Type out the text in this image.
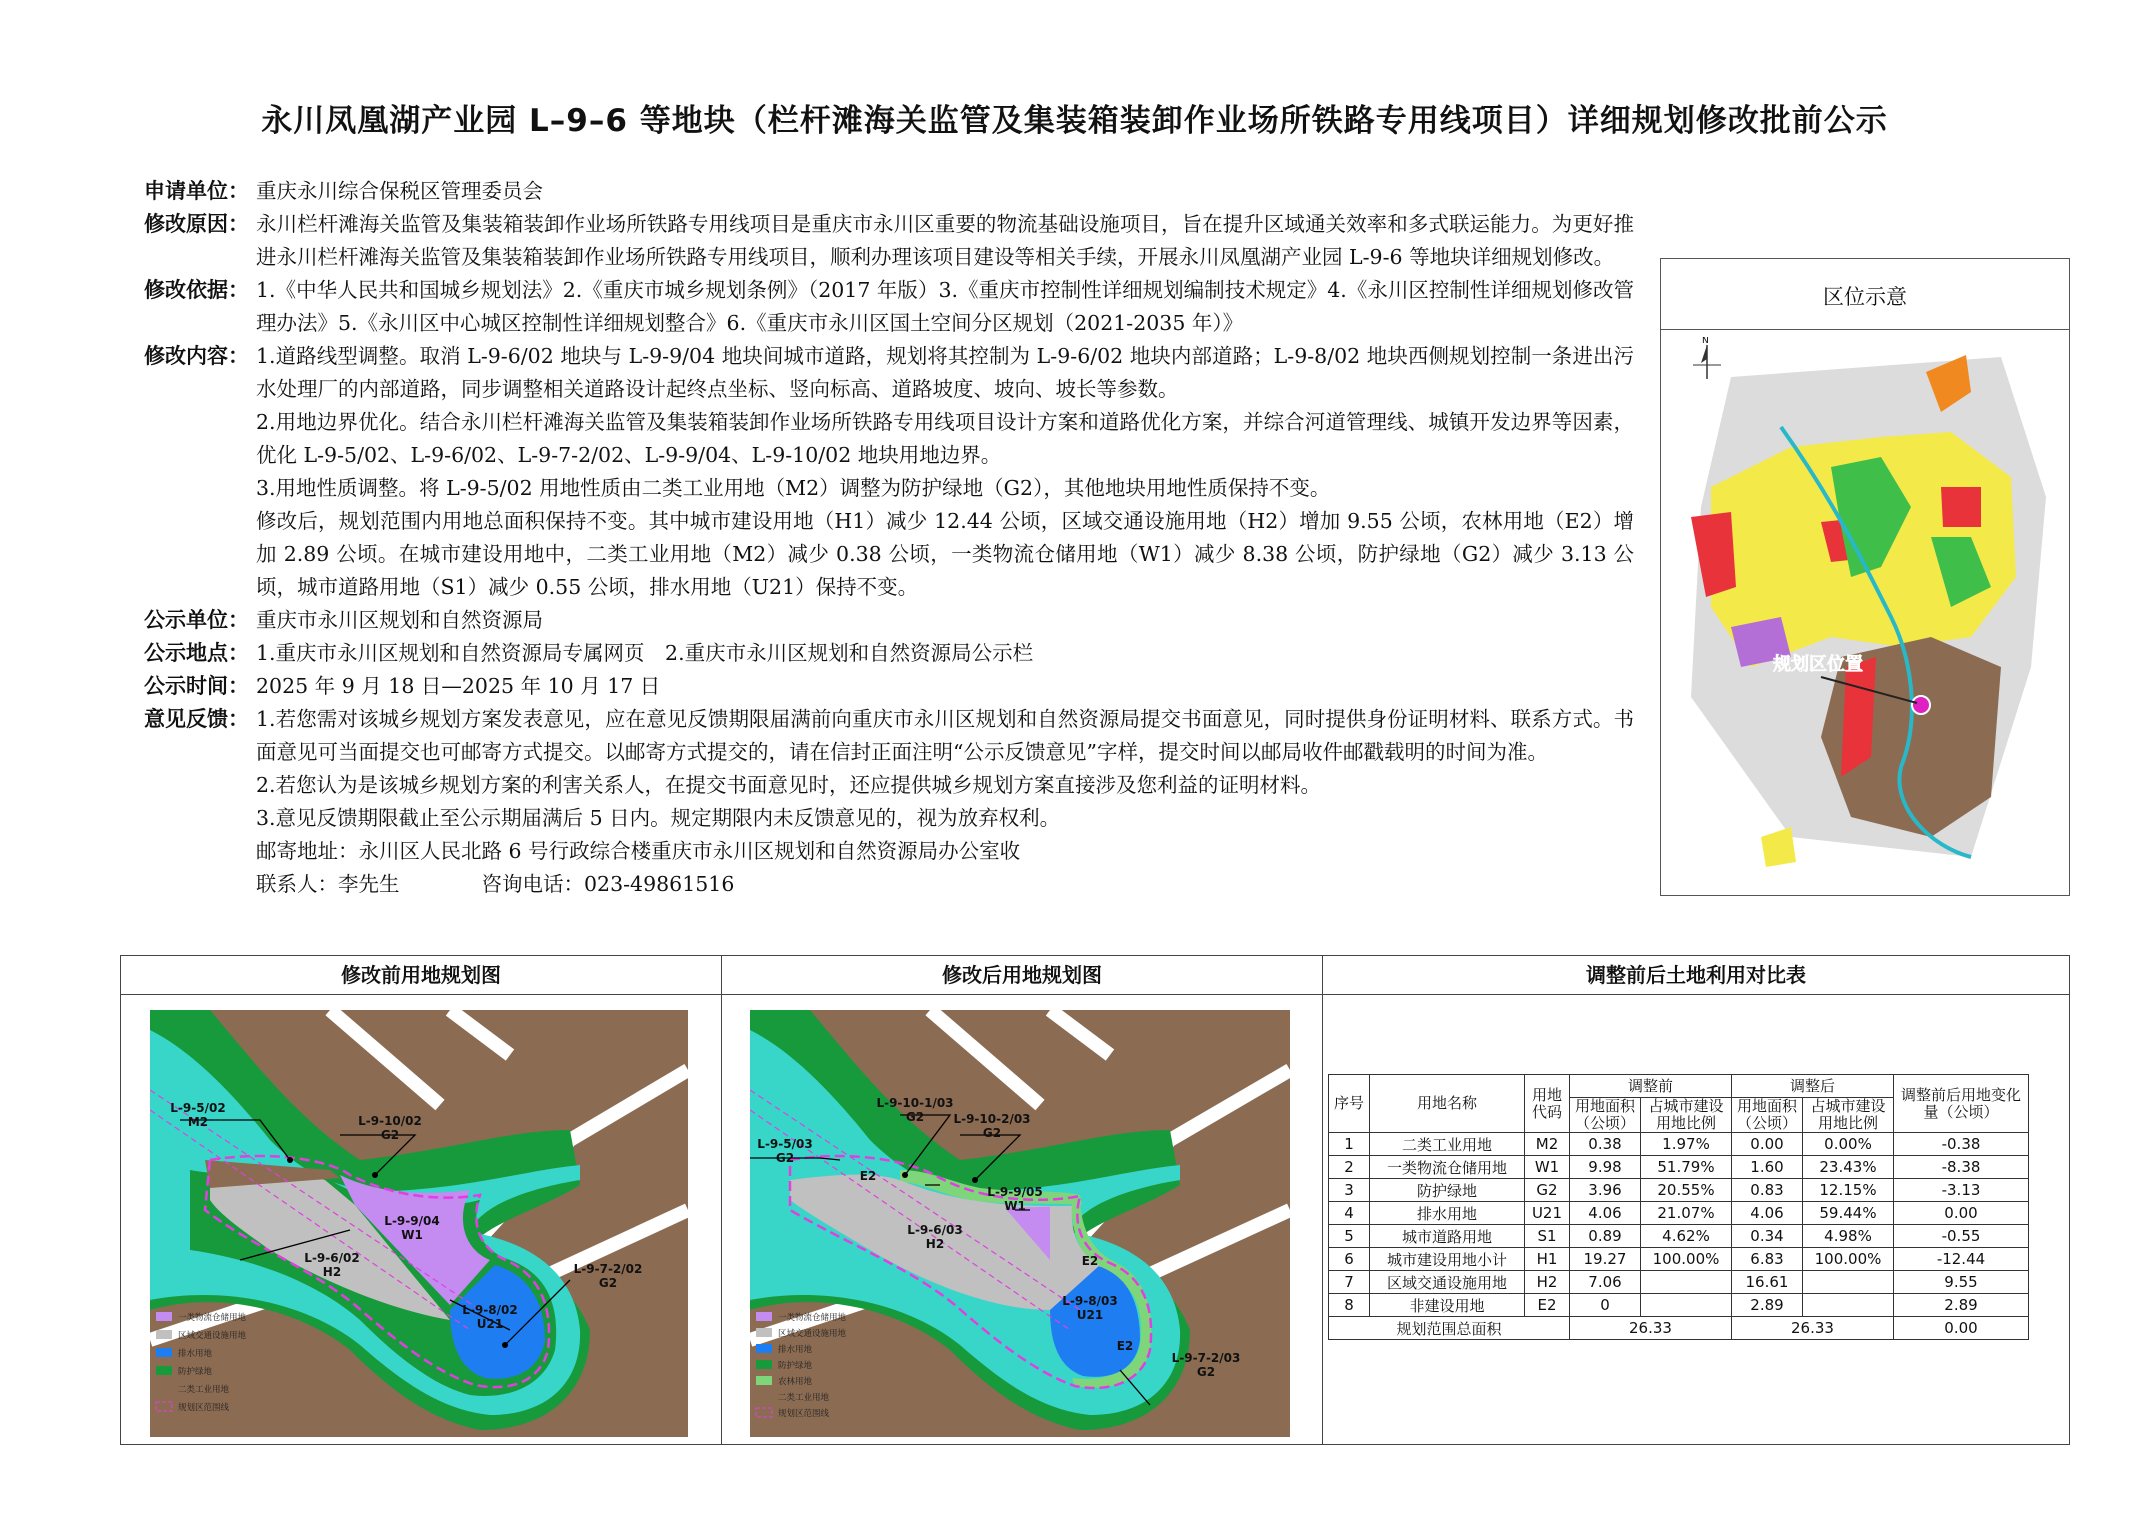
永川凤凰湖产业园 L–9–6 等地块（栏杆滩海关监管及集装箱装卸作业场所铁路专用线项目）详细规划修改批前公示
申请单位： 重庆永川综合保税区管理委员会
修改原因： 永川栏杆滩海关监管及集装箱装卸作业场所铁路专用线项目是重庆市永川区重要的物流基础设施项目，旨在提升区域通关效率和多式联运能力。为更好推进永川栏杆滩海关监管及集装箱装卸作业场所铁路专用线项目，顺利办理该项目建设等相关手续，开展永川凤凰湖产业园 L-9-6 等地块详细规划修改。
修改依据： 1.《中华人民共和国城乡规划法》2.《重庆市城乡规划条例》（2017 年版）3.《重庆市控制性详细规划编制技术规定》4.《永川区控制性详细规划修改管理办法》5.《永川区中心城区控制性详细规划整合》6.《重庆市永川区国土空间分区规划（2021-2035 年）》
修改内容： 1.道路线型调整。取消 L-9-6/02 地块与 L-9-9/04 地块间城市道路，规划将其控制为 L-9-6/02 地块内部道路；L-9-8/02 地块西侧规划控制一条进出污水处理厂的内部道路，同步调整相关道路设计起终点坐标、竖向标高、道路坡度、坡向、坡长等参数。

2.用地边界优化。结合永川栏杆滩海关监管及集装箱装卸作业场所铁路专用线项目设计方案和道路优化方案，并综合河道管理线、城镇开发边界等因素，优化 L-9-5/02、L-9-6/02、L-9-7-2/02、L-9-9/04、L-9-10/02 地块用地边界。

3.用地性质调整。将 L-9-5/02 用地性质由二类工业用地（M2）调整为防护绿地（G2），其他地块用地性质保持不变。

修改后，规划范围内用地总面积保持不变。其中城市建设用地（H1）减少 12.44 公顷，区域交通设施用地（H2）增加 9.55 公顷，农林用地（E2）增加 2.89 公顷。在城市建设用地中，二类工业用地（M2）减少 0.38 公顷，一类物流仓储用地（W1）减少 8.38 公顷，防护绿地（G2）减少 3.13 公顷，城市道路用地（S1）减少 0.55 公顷，排水用地（U21）保持不变。

公示单位： 重庆市永川区规划和自然资源局
公示地点： 1.重庆市永川区规划和自然资源局专属网页　2.重庆市永川区规划和自然资源局公示栏
公示时间： 2025 年 9 月 18 日—2025 年 10 月 17 日
意见反馈： 1.若您需对该城乡规划方案发表意见，应在意见反馈期限届满前向重庆市永川区规划和自然资源局提交书面意见，同时提供身份证明材料、联系方式。书面意见可当面提交也可邮寄方式提交。以邮寄方式提交的，请在信封正面注明“公示反馈意见”字样，提交时间以邮局收件邮戳载明的时间为准。

2.若您认为是该城乡规划方案的利害关系人，在提交书面意见时，还应提供城乡规划方案直接涉及您利益的证明材料。

3.意见反馈期限截止至公示期届满后 5 日内。规定期限内未反馈意见的，视为放弃权利。

邮寄地址：永川区人民北路 6 号行政综合楼重庆市永川区规划和自然资源局办公室收

联系人：李先生　　　　咨询电话：023-49861516

区位示意
N
规划区位置
修改前用地规划图	修改后用地规划图	调整前后土地利用对比表
L-9-5/02
M2	L-9-10/02
G2
L-9-9/04
W1
L-9-6/02
H2	L-9-7-2/02
G2
L-9-8/02
U21
一类物流仓储用地
区域交通设施用地
排水用地
防护绿地
二类工业用地
规划区范围线
L-9-10-1/03
G2 L-9-10-2/03
G2
L-9-5/03
G2
E2
L-9-9/05
W1
L-9-6/03
H2
E2
L-9-8/03
U21
E2
L-9-7-2/03
G2
一类物流仓储用地
区域交通设施用地
排水用地
防护绿地
农林用地
二类工业用地
规划区范围线
序号	用地名称	用地代码	调整前		调整后		调整前后用地变化量（公顷）
			用地面积（公顷）	占城市建设用地比例	用地面积（公顷）	占城市建设用地比例	
1	二类工业用地	M2	0.38	1.97%	0.00	0.00%	-0.38
2	一类物流仓储用地	W1	9.98	51.79%	1.60	23.43%	-8.38
3	防护绿地	G2	3.96	20.55%	0.83	12.15%	-3.13
4	排水用地	U21	4.06	21.07%	4.06	59.44%	0.00
5	城市道路用地	S1	0.89	4.62%	0.34	4.98%	-0.55
6	城市建设用地小计	H1	19.27	100.00%	6.83	100.00%	-12.44
7	区域交通设施用地	H2	7.06		16.61		9.55
8	非建设用地	E2	0		2.89		2.89
规划范围总面积			26.33		26.33		0.00
